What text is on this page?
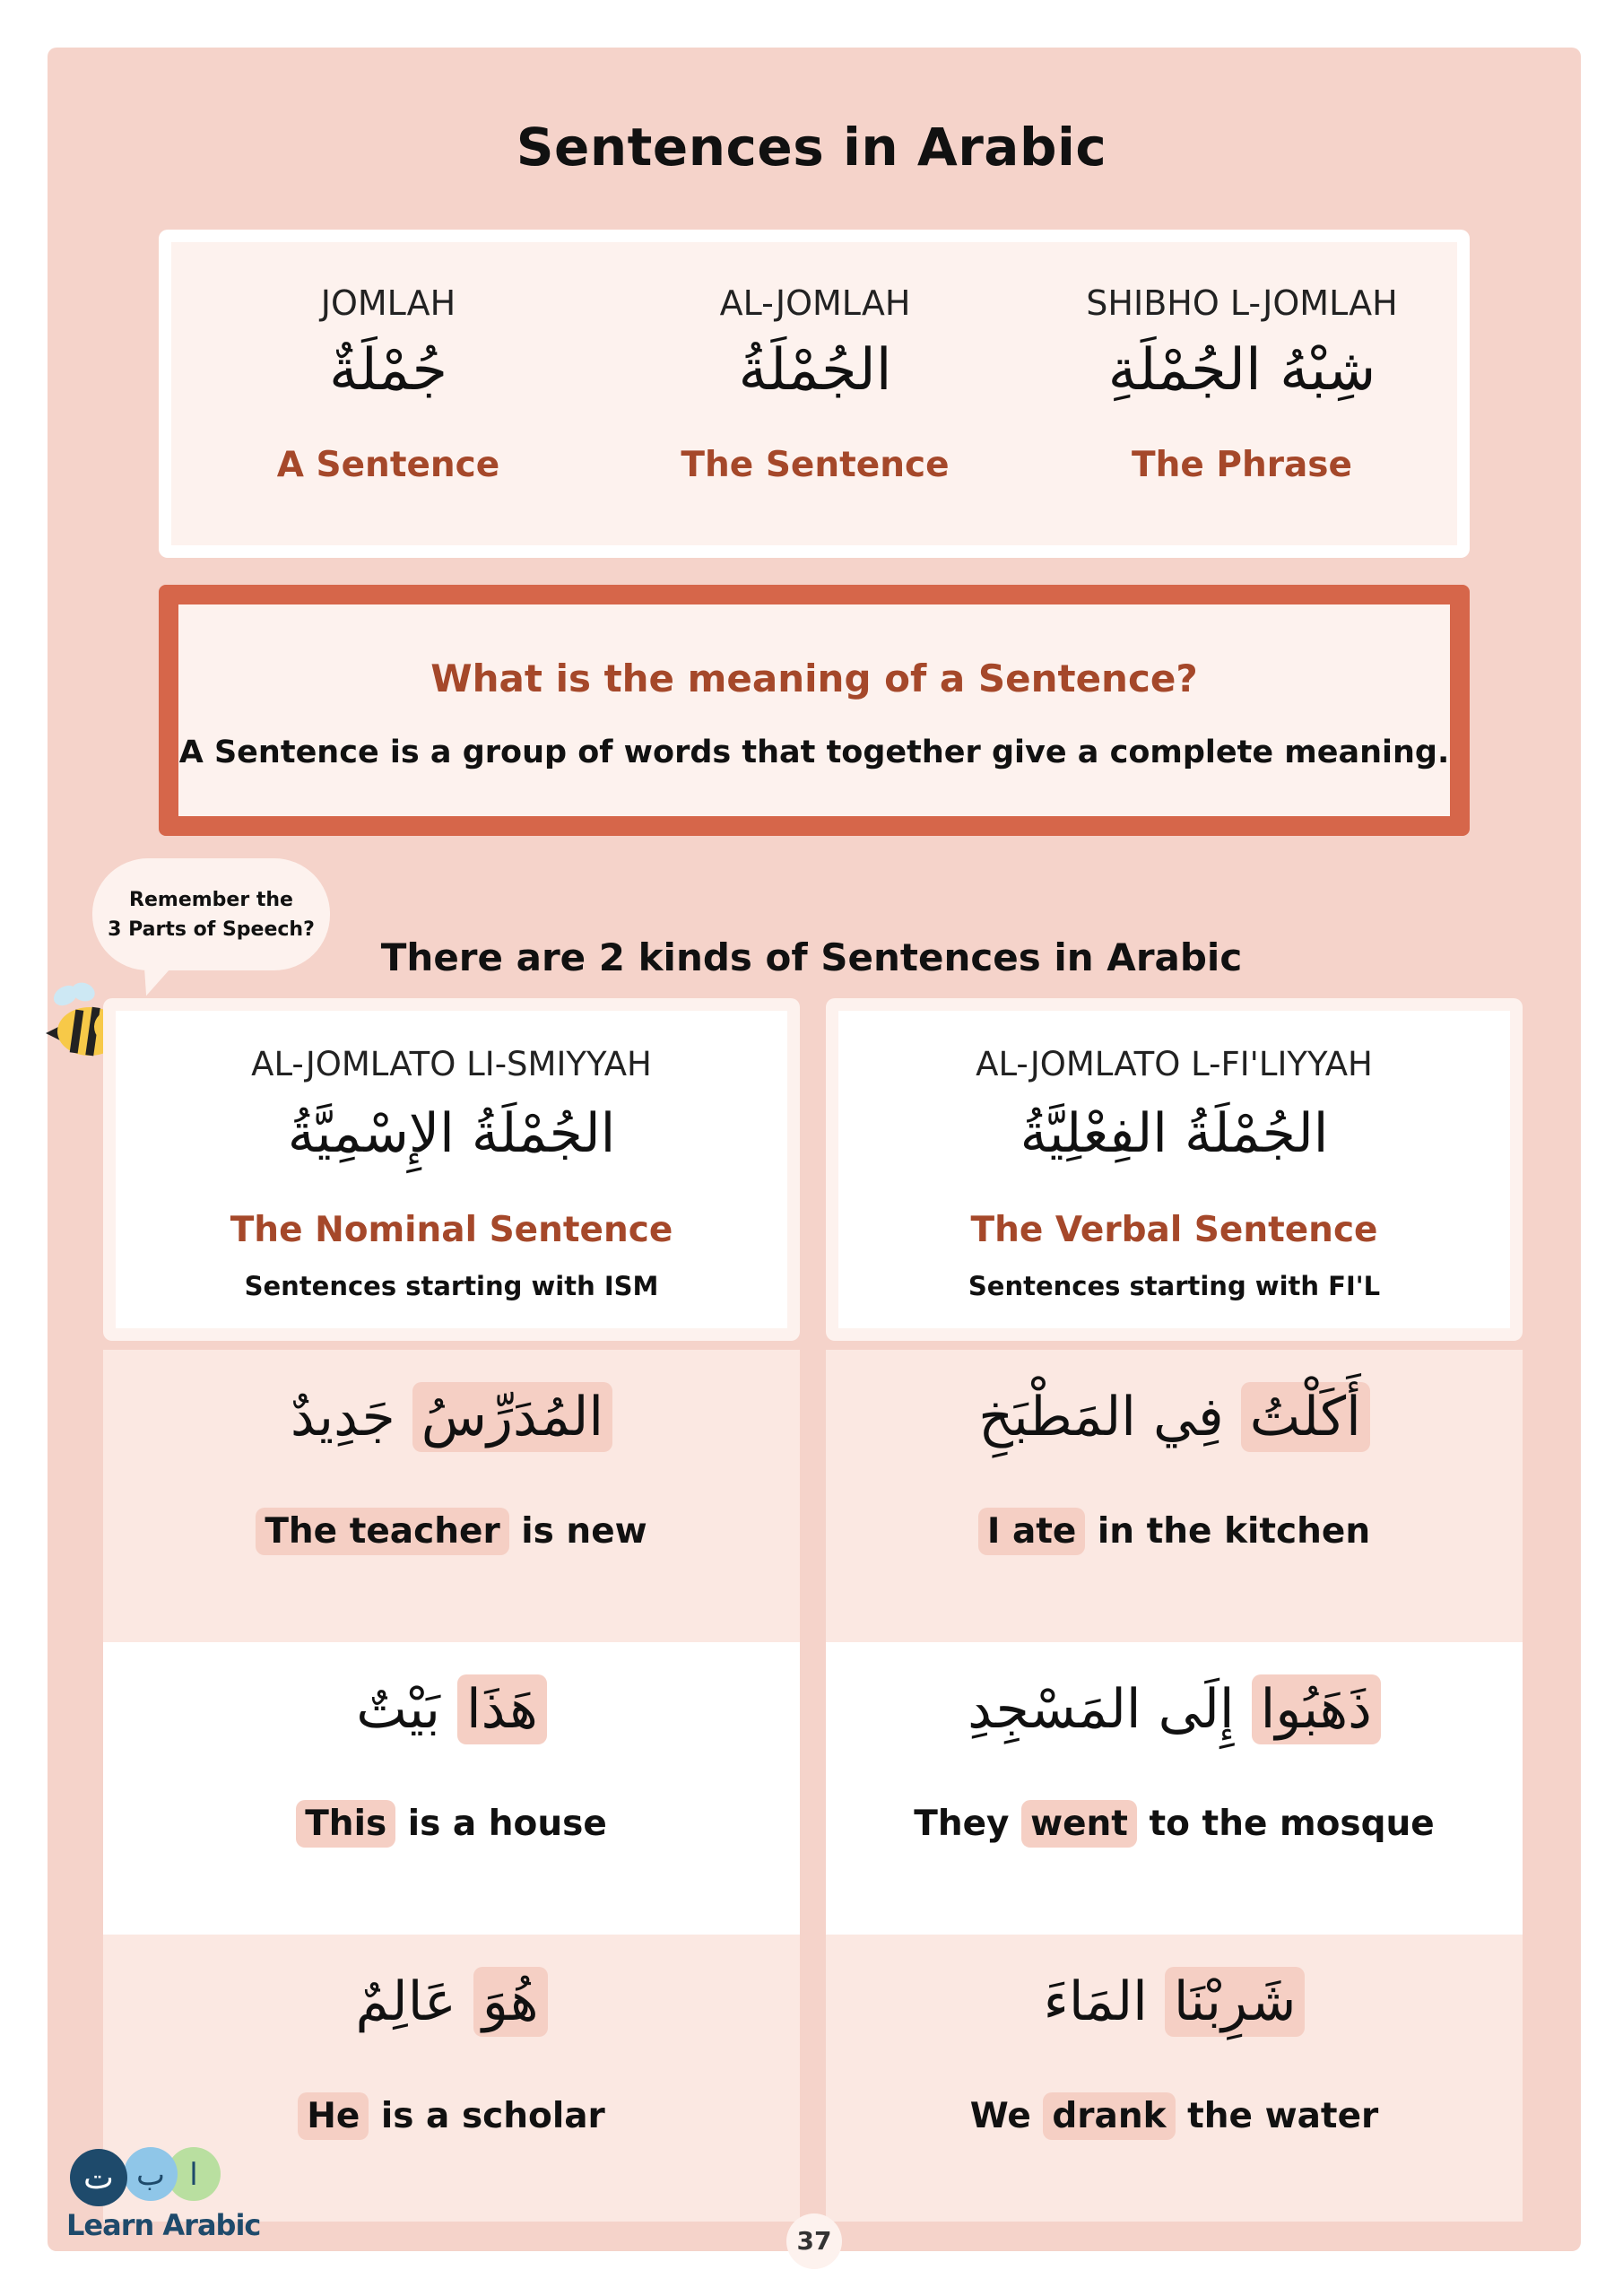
Sentences in Arabic
JOMLAH
جُمْلَةٌ
A Sentence
AL-JOMLAH
الجُمْلَةُ
The Sentence
SHIBHO L-JOMLAH
شِبْهُ الجُمْلَةِ
The Phrase
What is the meaning of a Sentence?
A Sentence is a group of words that together give a complete meaning.
Remember the
3 Parts of Speech?
There are 2 kinds of Sentences in Arabic
AL-JOMLATO LI-SMIYYAH
الجُمْلَةُ الإِسْمِيَّةُ
The Nominal Sentence
Sentences starting with ISM
المُدَرِّسُ جَدِيدٌ
The teacher is new
هَذَا بَيْتٌ
This is a house
هُوَ عَالِمٌ
He is a scholar
AL-JOMLATO L-FI'LIYYAH
الجُمْلَةُ الفِعْلِيَّةُ
The Verbal Sentence
Sentences starting with FI'L
أَكَلْتُ فِي المَطْبَخِ
I ate in the kitchen
ذَهَبُوا إِلَى المَسْجِدِ
They went to the mosque
شَرِبْنَا المَاءَ
We drank the water
ا
ب
ت
Learn Arabic	37
